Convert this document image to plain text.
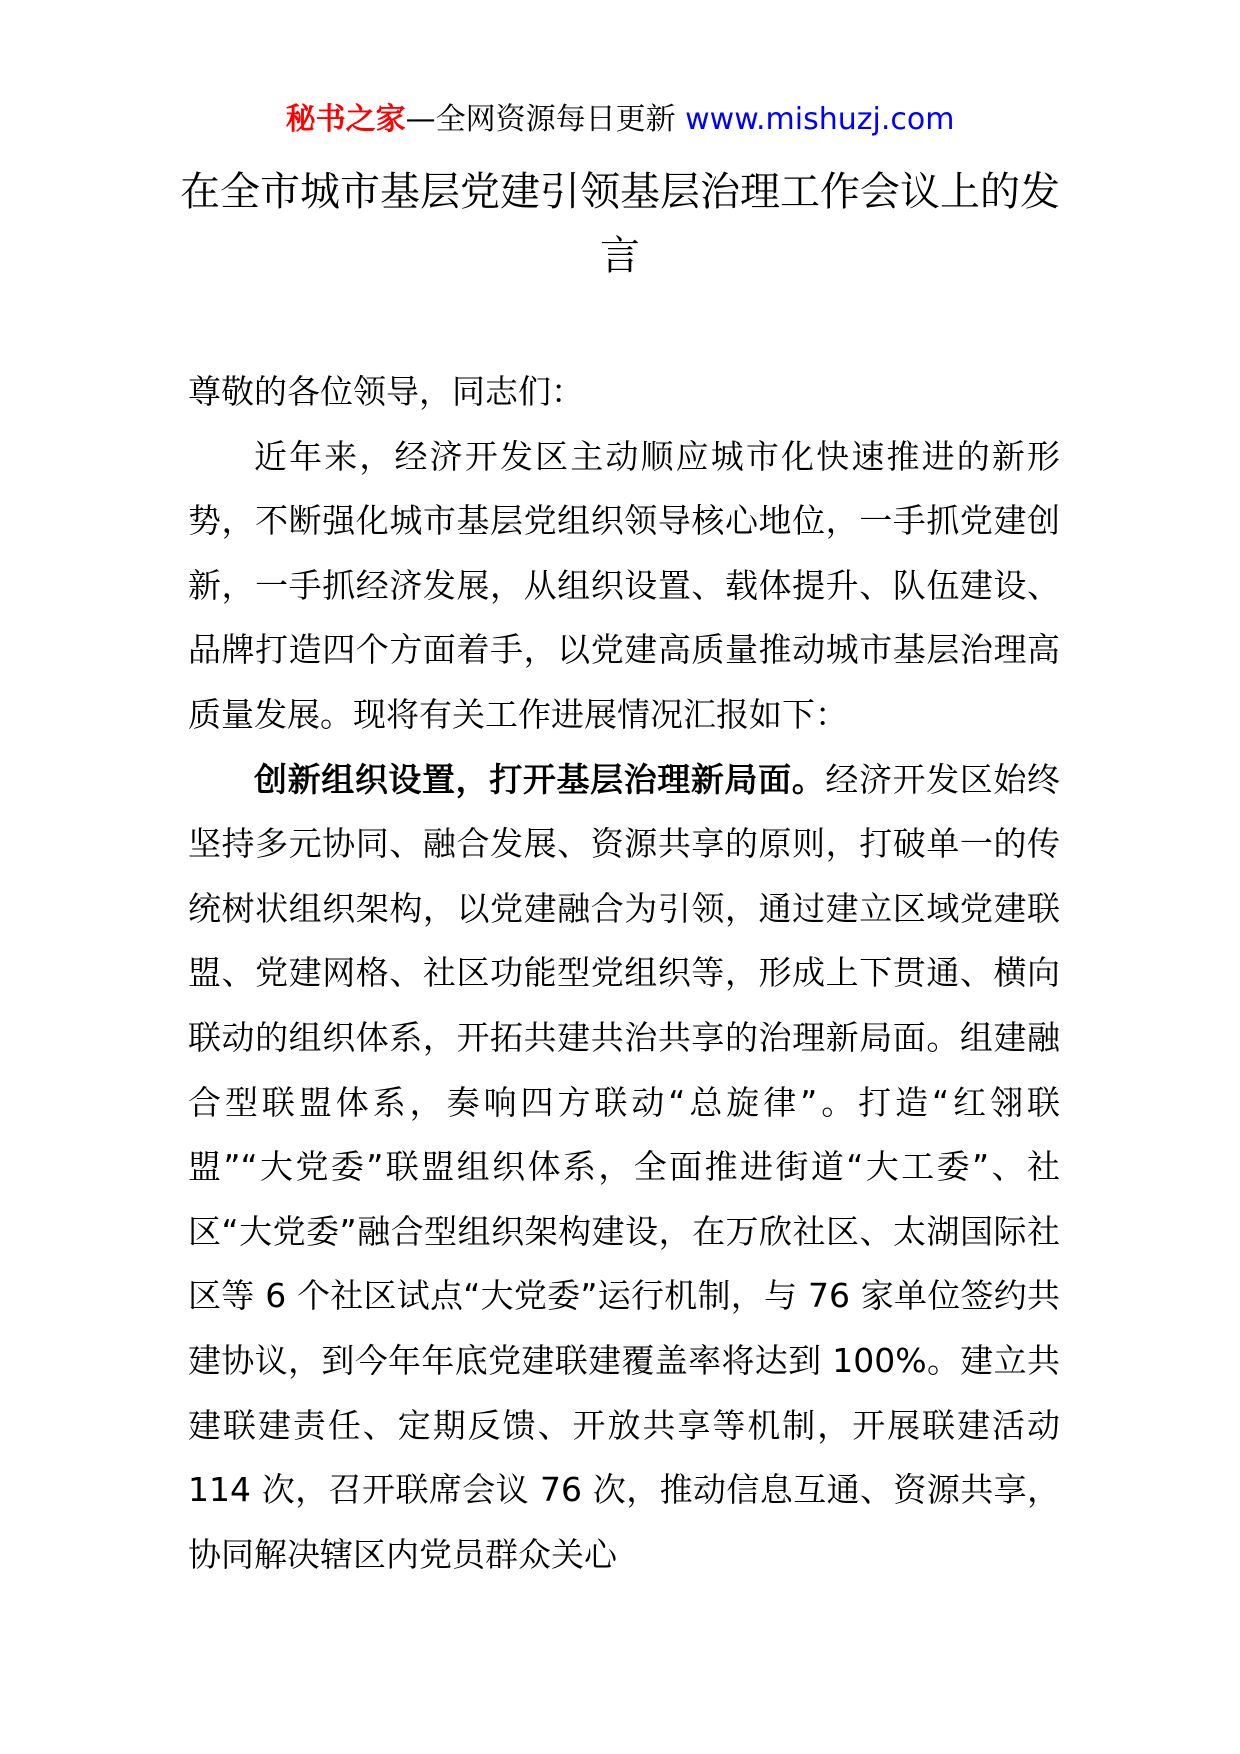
秘书之家—全网资源每日更新 www.mishuzj.com
在全市城市基层党建引领基层治理工作会议上的发言

尊敬的各位领导，同志们：

近年来，经济开发区主动顺应城市化快速推进的新形势，不断强化城市基层党组织领导核心地位，一手抓党建创新，一手抓经济发展，从组织设置、载体提升、队伍建设、品牌打造四个方面着手，以党建高质量推动城市基层治理高质量发展。现将有关工作进展情况汇报如下：

创新组织设置，打开基层治理新局面。经济开发区始终坚持多元协同、融合发展、资源共享的原则，打破单一的传统树状组织架构，以党建融合为引领，通过建立区域党建联盟、党建网格、社区功能型党组织等，形成上下贯通、横向联动的组织体系，开拓共建共治共享的治理新局面。组建融合型联盟体系，奏响四方联动“总旋律”。打造“红翎联盟”“大党委”联盟组织体系，全面推进街道“大工委”、社区“大党委”融合型组织架构建设，在万欣社区、太湖国际社区等 6 个社区试点“大党委”运行机制，与 76 家单位签约共建协议，到今年年底党建联建覆盖率将达到 100%。建立共建联建责任、定期反馈、开放共享等机制，开展联建活动 114 次，召开联席会议 76 次，推动信息互通、资源共享，协同解决辖区内党员群众关心
